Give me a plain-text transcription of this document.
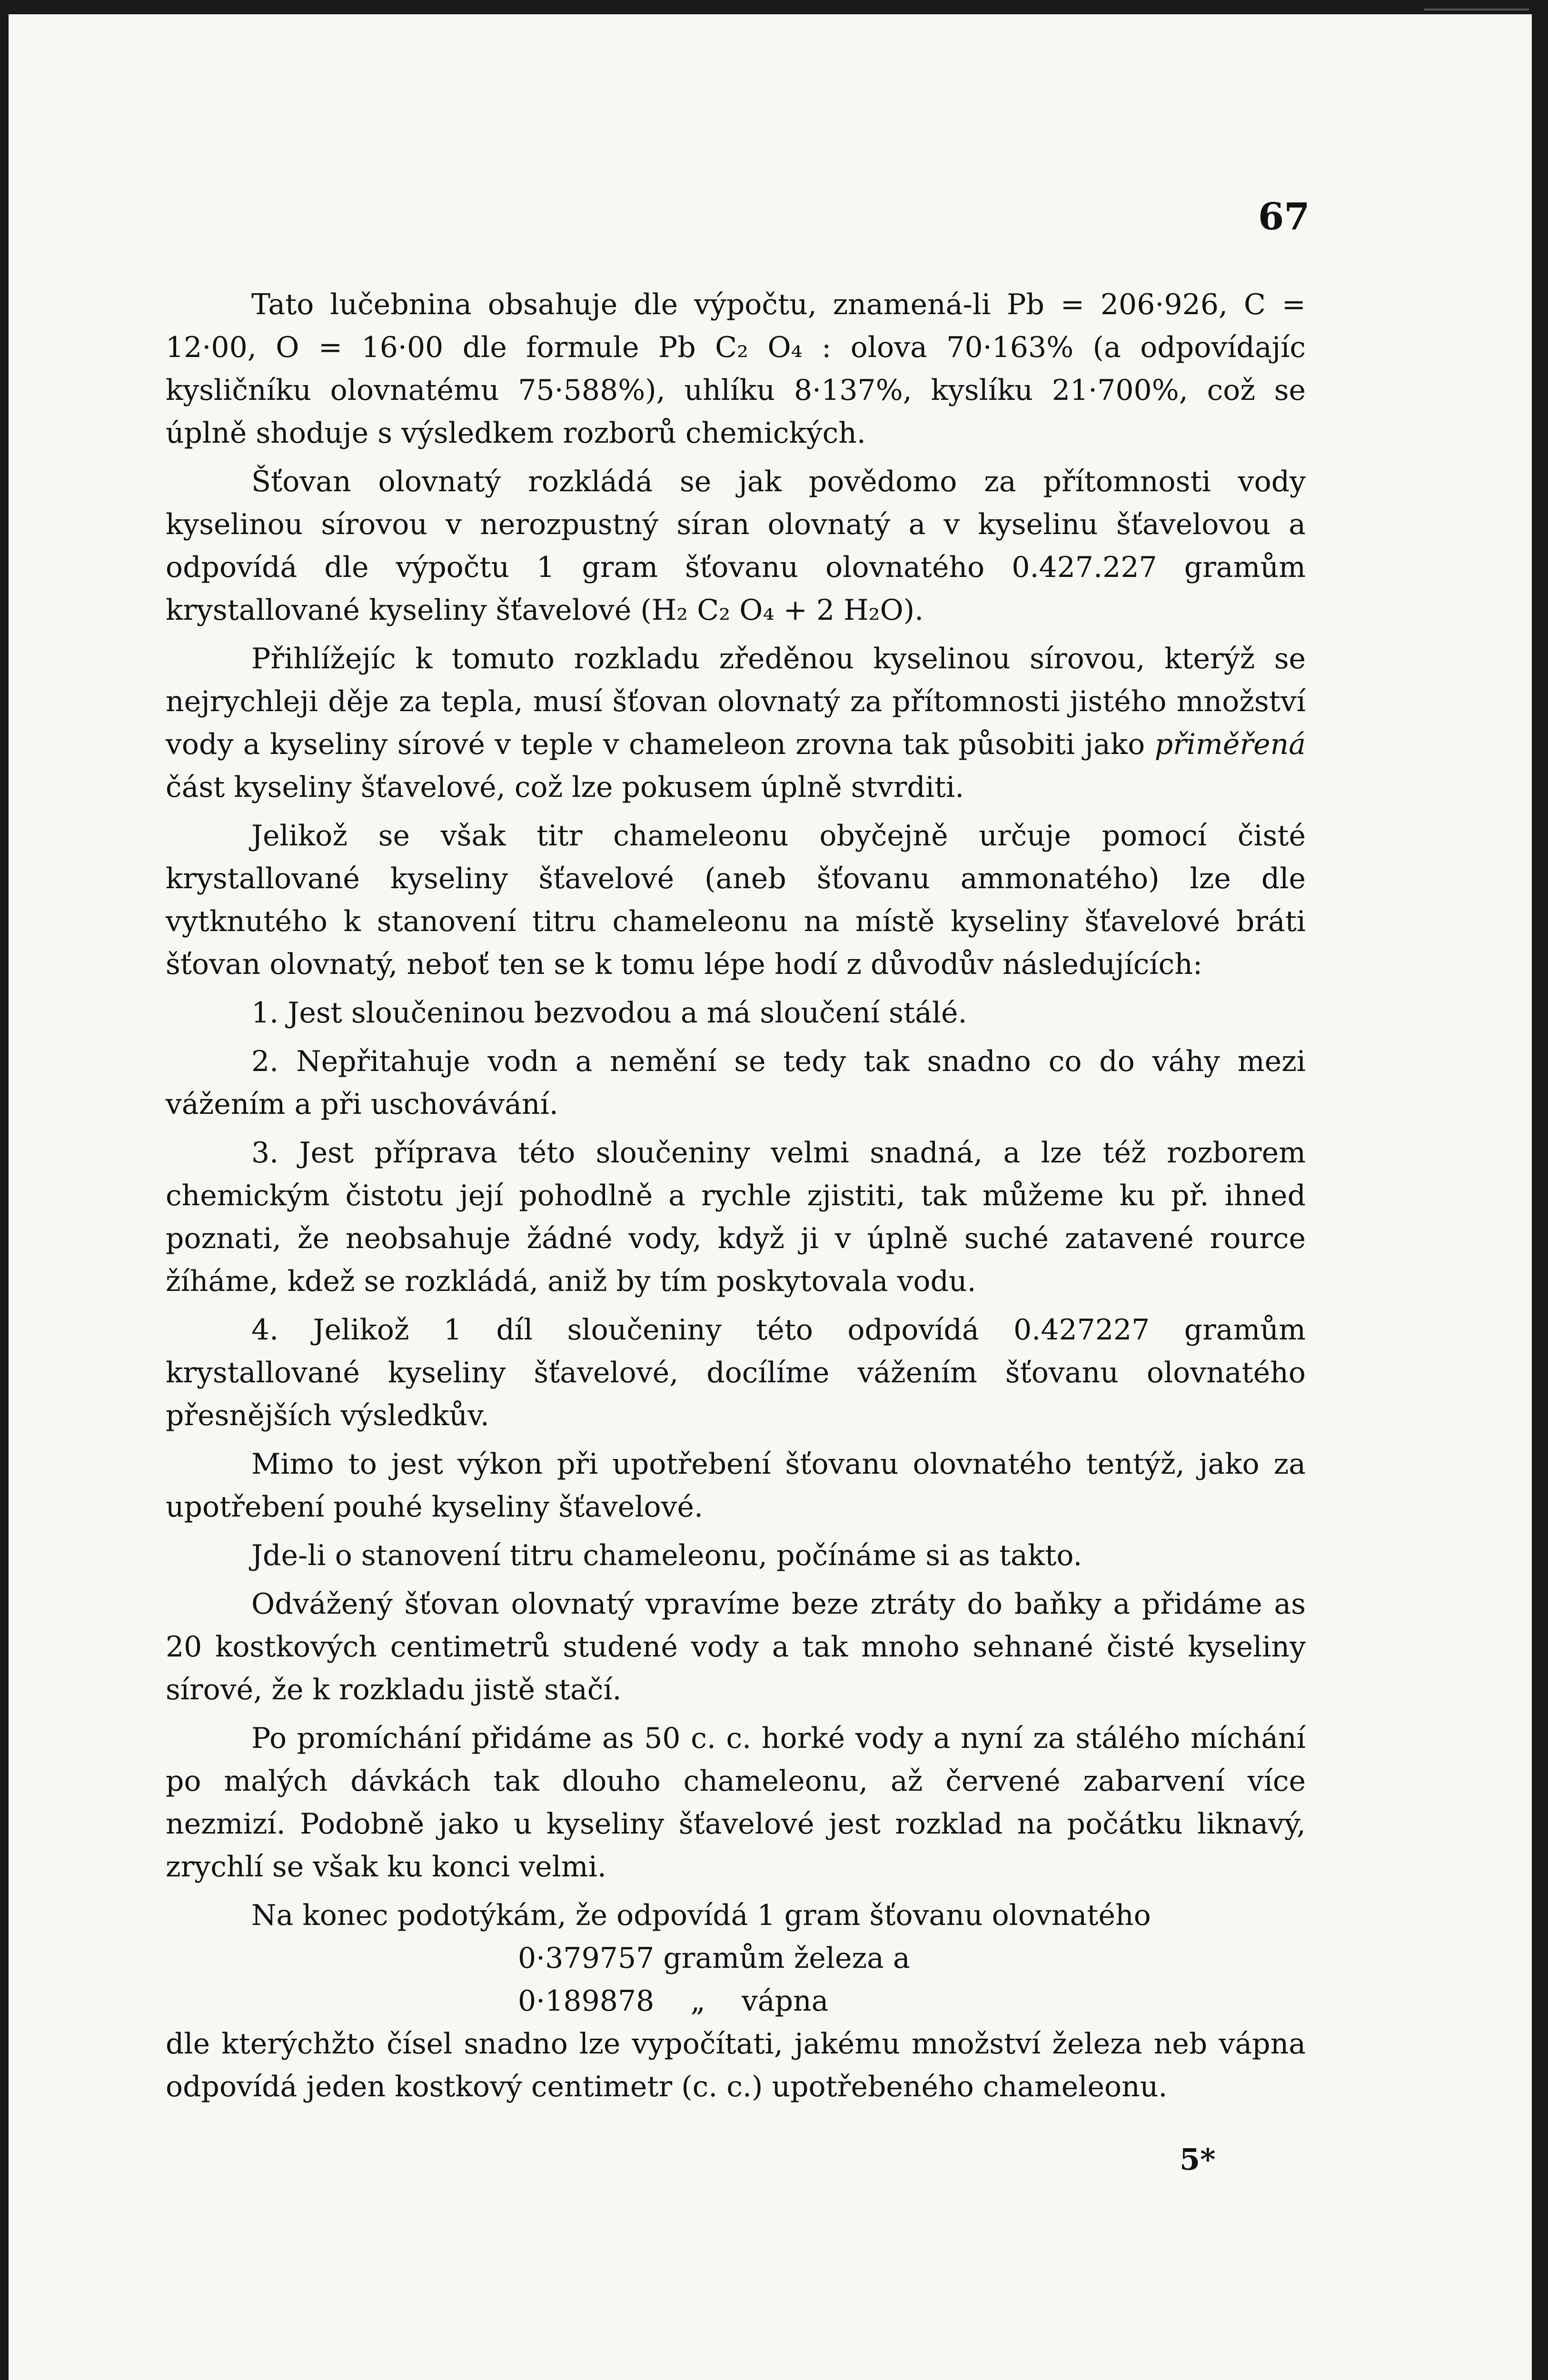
67

Tato lučebnina obsahuje dle výpočtu, znamená-li Pb = 206·926, C = 12·00, O = 16·00 dle formule Pb C₂ O₄ : olova 70·163% (a odpovídajíc kysličníku olovnatému 75·588%), uhlíku 8·137%, kyslíku 21·700%, což se úplně shoduje s výsledkem rozborů chemických.

Šťovan olovnatý rozkládá se jak povědomo za přítomnosti vody kyselinou sírovou v nerozpustný síran olovnatý a v kyselinu šťavelovou a odpovídá dle výpočtu 1 gram šťovanu olovnatého 0.427.227 gramům krystallované kyseliny šťavelové (H₂ C₂ O₄ + 2 H₂O).

Přihlížejíc k tomuto rozkladu zředěnou kyselinou sírovou, kterýž se nejrychleji děje za tepla, musí šťovan olovnatý za přítomnosti jistého množství vody a kyseliny sírové v teple v chameleon zrovna tak působiti jako přiměřená část kyseliny šťavelové, což lze pokusem úplně stvrditi.

Jelikož se však titr chameleonu obyčejně určuje pomocí čisté krystallované kyseliny šťavelové (aneb šťovanu ammonatého) lze dle vytknutého k stanovení titru chameleonu na místě kyseliny šťavelové bráti šťovan olovnatý, neboť ten se k tomu lépe hodí z důvodův následujících:

1. Jest sloučeninou bezvodou a má sloučení stálé.

2. Nepřitahuje vodn a nemění se tedy tak snadno co do váhy mezi vážením a při uschovávání.

3. Jest příprava této sloučeniny velmi snadná, a lze též rozborem chemickým čistotu její pohodlně a rychle zjistiti, tak můžeme ku př. ihned poznati, že neobsahuje žádné vody, když ji v úplně suché zatavené rource žíháme, kdež se rozkládá, aniž by tím poskytovala vodu.

4. Jelikož 1 díl sloučeniny této odpovídá 0.427227 gramům krystallované kyseliny šťavelové, docílíme vážením šťovanu olovnatého přesnějších výsledkův.

Mimo to jest výkon při upotřebení šťovanu olovnatého tentýž, jako za upotřebení pouhé kyseliny šťavelové.

Jde-li o stanovení titru chameleonu, počínáme si as takto.

Odvážený šťovan olovnatý vpravíme beze ztráty do baňky a přidáme as 20 kostkových centimetrů studené vody a tak mnoho sehnané čisté kyseliny sírové, že k rozkladu jistě stačí.

Po promíchání přidáme as 50 c. c. horké vody a nyní za stálého míchání po malých dávkách tak dlouho chameleonu, až červené zabarvení více nezmizí. Podobně jako u kyseliny šťavelové jest rozklad na počátku liknavý, zrychlí se však ku konci velmi.

Na konec podotýkám, že odpovídá 1 gram šťovanu olovnatého

0·379757 gramům železa a

0·189878    „    vápna

dle kterýchžto čísel snadno lze vypočítati, jakému množství železa neb vápna odpovídá jeden kostkový centimetr (c. c.) upotřebeného chameleonu.

5*
